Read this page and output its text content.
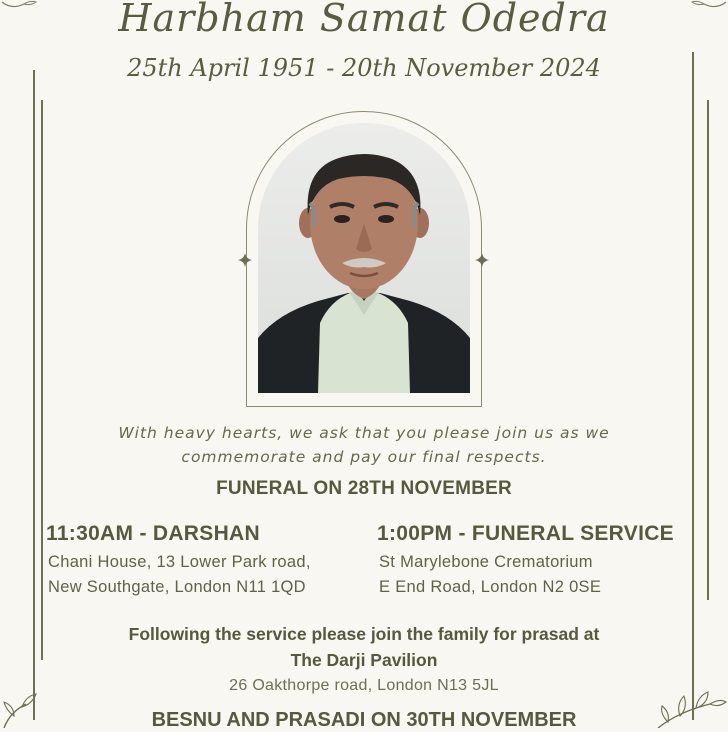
Harbham Samat Odedra
25th April 1951 - 20th November 2024
With heavy hearts, we ask that you please join us as we
commemorate and pay our final respects.
FUNERAL ON 28TH NOVEMBER
11:30AM - DARSHAN
Chani House, 13 Lower Park road,
New Southgate, London N11 1QD
1:00PM - FUNERAL SERVICE
St Marylebone Crematorium
E End Road, London N2 0SE
Following the service please join the family for prasad at
The Darji Pavilion
26 Oakthorpe road, London N13 5JL
BESNU AND PRASADI ON 30TH NOVEMBER
